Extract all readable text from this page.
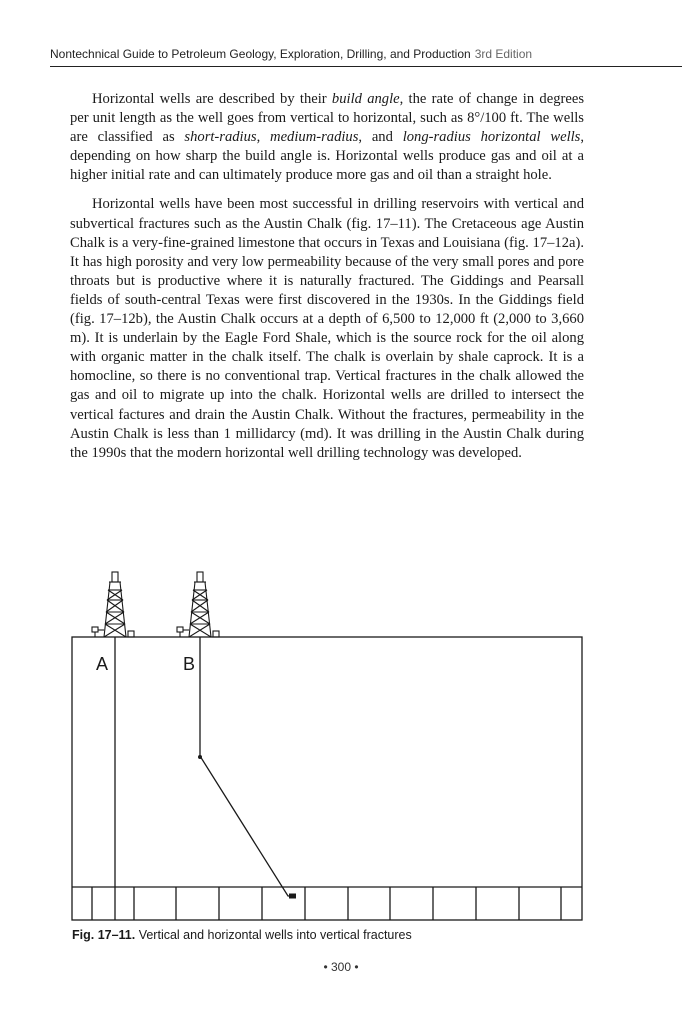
Nontechnical Guide to Petroleum Geology, Exploration, Drilling, and Production 3rd Edition

Horizontal wells are described by their build angle, the rate of change in degrees per unit length as the well goes from vertical to horizontal, such as 8°/100 ft. The wells are classified as short-radius, medium-radius, and long-radius horizontal wells, depending on how sharp the build angle is. Horizontal wells produce gas and oil at a higher initial rate and can ultimately produce more gas and oil than a straight hole.

Horizontal wells have been most successful in drilling reservoirs with vertical and subvertical fractures such as the Austin Chalk (fig. 17–11). The Cretaceous age Austin Chalk is a very-fine-grained limestone that occurs in Texas and Louisiana (fig. 17–12a). It has high porosity and very low permeability because of the very small pores and pore throats but is productive where it is naturally fractured. The Giddings and Pearsall fields of south-central Texas were first discovered in the 1930s. In the Giddings field (fig. 17–12b), the Austin Chalk occurs at a depth of 6,500 to 12,000 ft (2,000 to 3,660 m). It is underlain by the Eagle Ford Shale, which is the source rock for the oil along with organic matter in the chalk itself. The chalk is overlain by shale caprock. It is a homocline, so there is no conventional trap. Vertical fractures in the chalk allowed the gas and oil to migrate up into the chalk. Horizontal wells are drilled to intersect the vertical factures and drain the Austin Chalk. Without the fractures, permeability in the Austin Chalk is less than 1 millidarcy (md). It was drilling in the Austin Chalk during the 1990s that the modern horizontal well drilling technology was developed.

A	B
Fig. 17–11. Vertical and horizontal wells into vertical fractures
• 300 •
